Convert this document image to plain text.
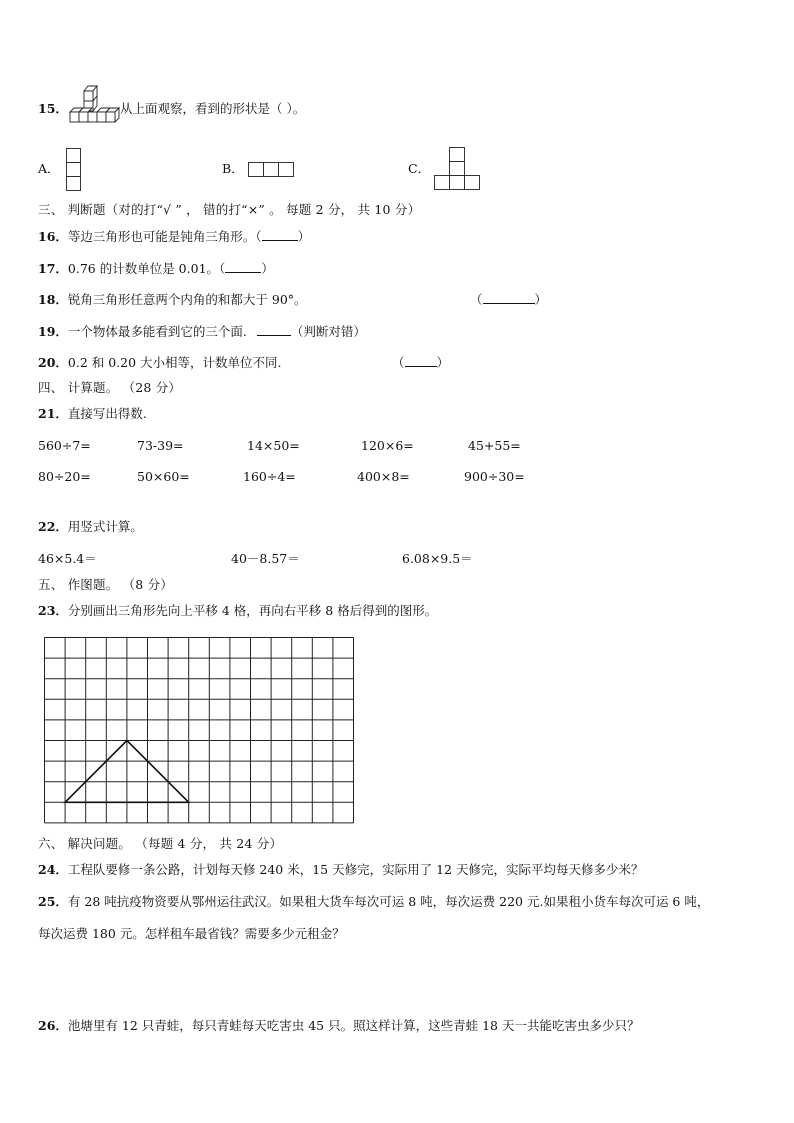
15．	从上面观察，看到的形状是（ ）。
A．	B．	C．
三、 判断题（对的打“√ ” ， 错的打“×” 。 每题 2 分， 共 10 分）
16．等边三角形也可能是钝角三角形。（	）
17．0.76 的计数单位是 0.01。（	）
18．锐角三角形任意两个内角的和都大于 90°。	（	）
19．一个物体最多能看到它的三个面.	（判断对错）
20．0.2 和 0.20 大小相等，计数单位不同.	（	）
四、 计算题。 （28 分）
21．直接写出得数.
560÷7=	73-39=	14×50=	120×6=	45+55=
80÷20=	50×60=	160÷4=	400×8=	900÷30=
22．用竖式计算。
46×5.4＝	40－8.57＝	6.08×9.5＝
五、 作图题。 （8 分）
23．分别画出三角形先向上平移 4 格，再向右平移 8 格后得到的图形。
六、 解决问题。 （每题 4 分， 共 24 分）
24．工程队要修一条公路，计划每天修 240 米，15 天修完，实际用了 12 天修完，实际平均每天修多少米？
25．有 28 吨抗疫物资要从鄂州运往武汉。如果租大货车每次可运 8 吨，每次运费 220 元.如果租小货车每次可运 6 吨，
每次运费 180 元。怎样租车最省钱？需要多少元租金？
26．池塘里有 12 只青蛙，每只青蛙每天吃害虫 45 只。照这样计算，这些青蛙 18 天一共能吃害虫多少只？
